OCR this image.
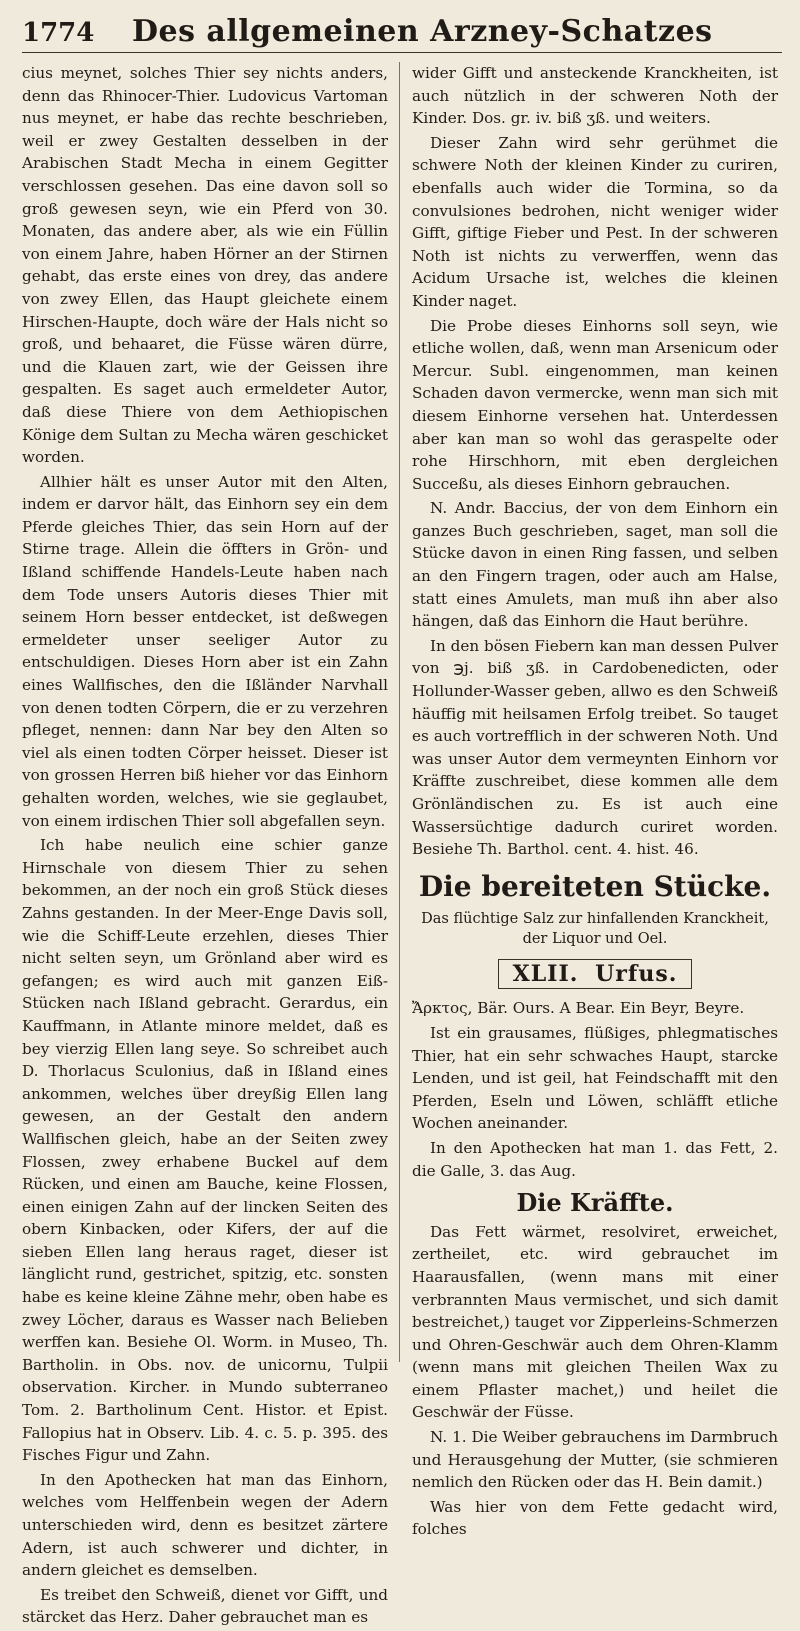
1774 Des allgemeinen Arzney-Schatzes

cius meynet, solches Thier sey nichts anders, denn das Rhinocer-Thier. Ludovicus Vartoman nus meynet, er habe das rechte beschrieben, weil er zwey Gestalten desselben in der Arabischen Stadt Mecha in einem Gegitter verschlossen gesehen. Das eine davon soll so groß gewesen seyn, wie ein Pferd von 30. Monaten, das andere aber, als wie ein Füllin von einem Jahre, haben Hörner an der Stirnen gehabt, das erste eines von drey, das andere von zwey Ellen, das Haupt gleichete einem Hirschen-Haupte, doch wäre der Hals nicht so groß, und behaaret, die Füsse wären dürre, und die Klauen zart, wie der Geissen ihre gespalten. Es saget auch ermeldeter Autor, daß diese Thiere von dem Aethiopischen Könige dem Sultan zu Mecha wären geschicket worden.

Allhier hält es unser Autor mit den Alten, indem er darvor hält, das Einhorn sey ein dem Pferde gleiches Thier, das sein Horn auf der Stirne trage. Allein die öffters in Grön- und Ißland schiffende Handels-Leute haben nach dem Tode unsers Autoris dieses Thier mit seinem Horn besser entdecket, ist deßwegen ermeldeter unser seeliger Autor zu entschuldigen. Dieses Horn aber ist ein Zahn eines Wallfisches, den die Ißländer Narvhall von denen todten Cörpern, die er zu verzehren pfleget, nennen: dann Nar bey den Alten so viel als einen todten Cörper heisset. Dieser ist von grossen Herren biß hieher vor das Einhorn gehalten worden, welches, wie sie geglaubet, von einem irdischen Thier soll abgefallen seyn.

Ich habe neulich eine schier ganze Hirnschale von diesem Thier zu sehen bekommen, an der noch ein groß Stück dieses Zahns gestanden. In der Meer-Enge Davis soll, wie die Schiff-Leute erzehlen, dieses Thier nicht selten seyn, um Grönland aber wird es gefangen; es wird auch mit ganzen Eiß-Stücken nach Ißland gebracht. Gerardus, ein Kauffmann, in Atlante minore meldet, daß es bey vierzig Ellen lang seye. So schreibet auch D. Thorlacus Sculonius, daß in Ißland eines ankommen, welches über dreyßig Ellen lang gewesen, an der Gestalt den andern Wallfischen gleich, habe an der Seiten zwey Flossen, zwey erhabene Buckel auf dem Rücken, und einen am Bauche, keine Flossen, einen einigen Zahn auf der lincken Seiten des obern Kinbacken, oder Kifers, der auf die sieben Ellen lang heraus raget, dieser ist länglicht rund, gestrichet, spitzig, etc. sonsten habe es keine kleine Zähne mehr, oben habe es zwey Löcher, daraus es Wasser nach Belieben werffen kan. Besiehe Ol. Worm. in Museo, Th. Bartholin. in Obs. nov. de unicornu, Tulpii observation. Kircher. in Mundo subterraneo Tom. 2. Bartholinum Cent. Histor. et Epist. Fallopius hat in Observ. Lib. 4. c. 5. p. 395. des Fisches Figur und Zahn.

In den Apothecken hat man das Einhorn, welches vom Helffenbein wegen der Adern unterschieden wird, denn es besitzet zärtere Adern, ist auch schwerer und dichter, in andern gleichet es demselben.

Es treibet den Schweiß, dienet vor Gifft, und stärcket das Herz. Daher gebrauchet man es

wider Gifft und ansteckende Kranckheiten, ist auch nützlich in der schweren Noth der Kinder. Dos. gr. iv. biß ʒß. und weiters.

Dieser Zahn wird sehr gerühmet die schwere Noth der kleinen Kinder zu curiren, ebenfalls auch wider die Tormina, so da convulsiones bedrohen, nicht weniger wider Gifft, giftige Fieber und Pest. In der schweren Noth ist nichts zu verwerffen, wenn das Acidum Ursache ist, welches die kleinen Kinder naget.

Die Probe dieses Einhorns soll seyn, wie etliche wollen, daß, wenn man Arsenicum oder Mercur. Subl. eingenommen, man keinen Schaden davon vermercke, wenn man sich mit diesem Einhorne versehen hat. Unterdessen aber kan man so wohl das geraspelte oder rohe Hirschhorn, mit eben dergleichen Succeßu, als dieses Einhorn gebrauchen.

N. Andr. Baccius, der von dem Einhorn ein ganzes Buch geschrieben, saget, man soll die Stücke davon in einen Ring fassen, und selben an den Fingern tragen, oder auch am Halse, statt eines Amulets, man muß ihn aber also hängen, daß das Einhorn die Haut berühre.

In den bösen Fiebern kan man dessen Pulver von ℈j. biß ʒß. in Cardobenedicten, oder Hollunder-Wasser geben, allwo es den Schweiß häuffig mit heilsamen Erfolg treibet. So tauget es auch vortrefflich in der schweren Noth. Und was unser Autor dem vermeynten Einhorn vor Kräffte zuschreibet, diese kommen alle dem Grönländischen zu. Es ist auch eine Wassersüchtige dadurch curiret worden. Besiehe Th. Barthol. cent. 4. hist. 46.

Die bereiteten Stücke.
Das flüchtige Salz zur hinfallenden Kranckheit, der Liquor und Oel.
XLII. Urfus.

Ἄρκτος, Bär. Ours. A Bear. Ein Beyr, Beyre.

Ist ein grausames, flüßiges, phlegmatisches Thier, hat ein sehr schwaches Haupt, starcke Lenden, und ist geil, hat Feindschafft mit den Pferden, Eseln und Löwen, schläfft etliche Wochen aneinander.

In den Apothecken hat man 1. das Fett, 2. die Galle, 3. das Aug.

Die Kräffte.

Das Fett wärmet, resolviret, erweichet, zertheilet, etc. wird gebrauchet im Haarausfallen, (wenn mans mit einer verbrannten Maus vermischet, und sich damit bestreichet,) tauget vor Zipperleins-Schmerzen und Ohren-Geschwär auch dem Ohren-Klamm (wenn mans mit gleichen Theilen Wax zu einem Pflaster machet,) und heilet die Geschwär der Füsse.

N. 1. Die Weiber gebrauchens im Darmbruch und Herausgehung der Mutter, (sie schmieren nemlich den Rücken oder das H. Bein damit.)

Was hier von dem Fette gedacht wird, folches
